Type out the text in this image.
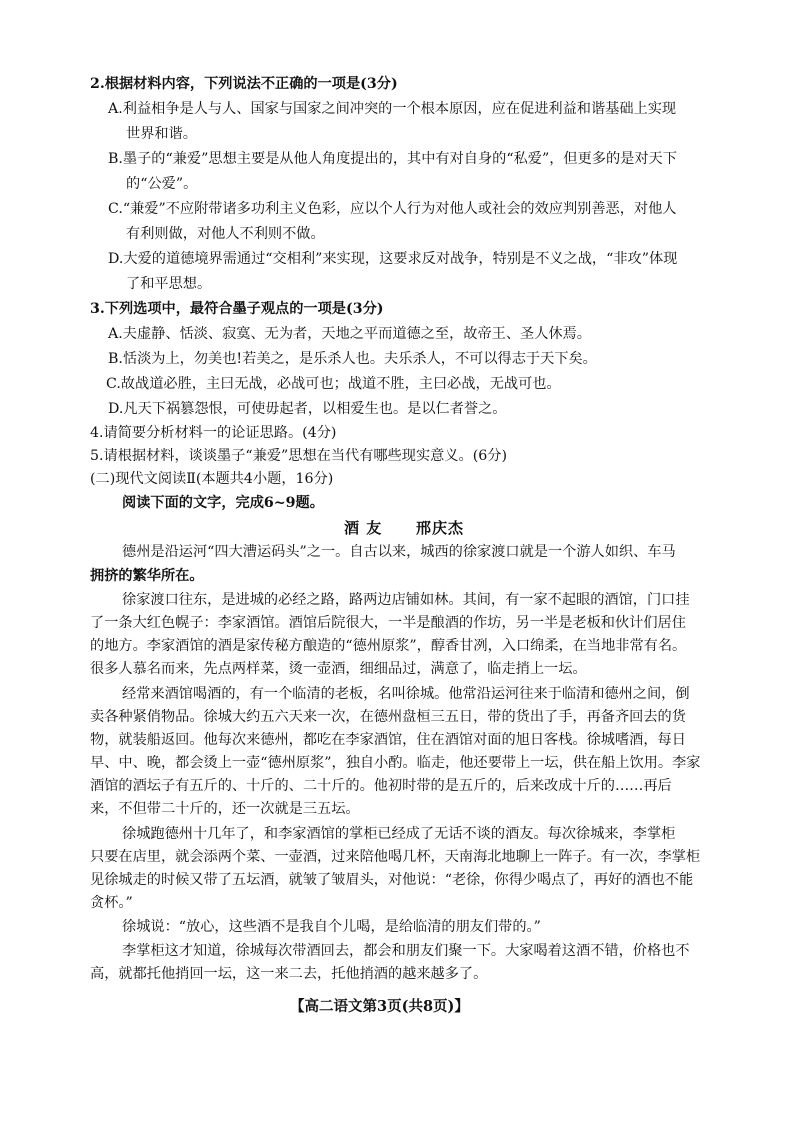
2.根据材料内容，下列说法不正确的一项是(3分)
A.利益相争是人与人、国家与国家之间冲突的一个根本原因，应在促进利益和谐基础上实现
世界和谐。
B.墨子的“兼爱”思想主要是从他人角度提出的，其中有对自身的“私爱”，但更多的是对天下
的“公爱”。
C.“兼爱”不应附带诸多功利主义色彩，应以个人行为对他人或社会的效应判别善恶，对他人
有利则做，对他人不利则不做。
D.大爱的道德境界需通过“交相利”来实现，这要求反对战争，特别是不义之战，“非攻”体现
了和平思想。
3.下列选项中，最符合墨子观点的一项是(3分)
A.夫虚静、恬淡、寂寞、无为者，天地之平而道德之至，故帝王、圣人休焉。
B.恬淡为上，勿美也!若美之，是乐杀人也。夫乐杀人，不可以得志于天下矣。
C.故战道必胜，主曰无战，必战可也；战道不胜，主曰必战，无战可也。
D.凡天下祸篡怨恨，可使毋起者，以相爱生也。是以仁者誉之。
4.请简要分析材料一的论证思路。(4分)
5.请根据材料，谈谈墨子“兼爱”思想在当代有哪些现实意义。(6分)
(二)现代文阅读Ⅱ(本题共4小题，16分)
阅读下面的文字，完成6~9题。
酒 友 邢庆杰
德州是沿运河“四大漕运码头”之一。自古以来，城西的徐家渡口就是一个游人如织、车马
拥挤的繁华所在。
徐家渡口往东，是进城的必经之路，路两边店铺如林。其间，有一家不起眼的酒馆，门口挂
了一条大红色幌子：李家酒馆。酒馆后院很大，一半是酿酒的作坊，另一半是老板和伙计们居住
的地方。李家酒馆的酒是家传秘方酿造的“德州原浆”，醇香甘冽，入口绵柔，在当地非常有名。
很多人慕名而来，先点两样菜，烫一壶酒，细细品过，满意了，临走捎上一坛。
经常来酒馆喝酒的，有一个临清的老板，名叫徐城。他常沿运河往来于临清和德州之间，倒
卖各种紧俏物品。徐城大约五六天来一次，在德州盘桓三五日，带的货出了手，再备齐回去的货
物，就装船返回。他每次来德州，都吃在李家酒馆，住在酒馆对面的旭日客栈。徐城嗜酒，每日
早、中、晚，都会烫上一壶“德州原浆”，独自小酌。临走，他还要带上一坛，供在船上饮用。李家
酒馆的酒坛子有五斤的、十斤的、二十斤的。他初时带的是五斤的，后来改成十斤的……再后
来，不但带二十斤的，还一次就是三五坛。
徐城跑德州十几年了，和李家酒馆的掌柜已经成了无话不谈的酒友。每次徐城来，李掌柜
只要在店里，就会添两个菜、一壶酒，过来陪他喝几杯，天南海北地聊上一阵子。有一次，李掌柜
见徐城走的时候又带了五坛酒，就皱了皱眉头，对他说：“老徐，你得少喝点了，再好的酒也不能
贪杯。”
徐城说：“放心，这些酒不是我自个儿喝，是给临清的朋友们带的。”
李掌柜这才知道，徐城每次带酒回去，都会和朋友们聚一下。大家喝着这酒不错，价格也不
高，就都托他捎回一坛，这一来二去，托他捎酒的越来越多了。
【高二语文第3页(共8页)】
